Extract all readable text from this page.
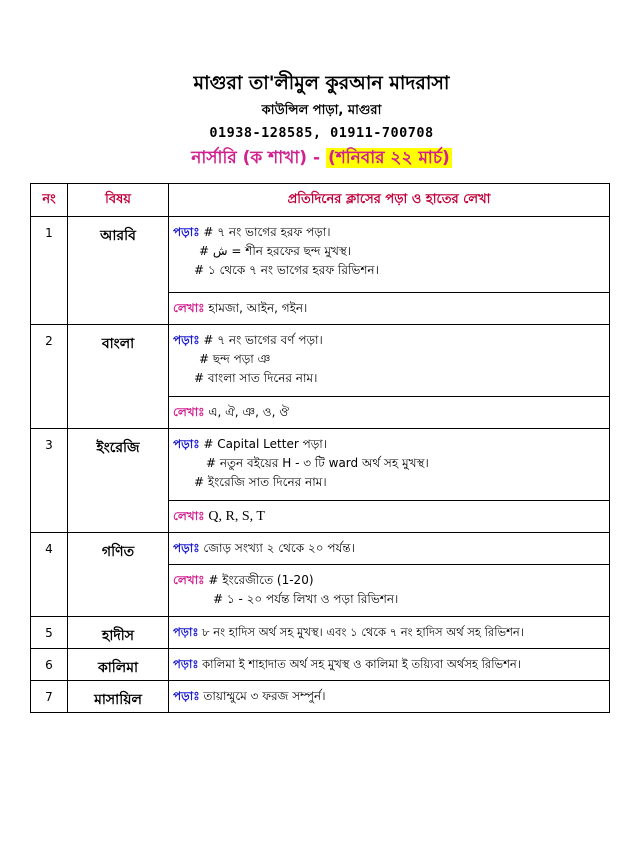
মাগুরা তা'লীমুল কুরআন মাদরাসা
কাউন্সিল পাড়া, মাগুরা
01938-128585, 01911-700708
নার্সারি (ক শাখা) - (শনিবার ২২ মার্চ)
নং	বিষয়	প্রতিদিনের ক্লাসের পড়া ও হাতের লেখা
1	আরবি	পড়াঃ # ৭ নং ভাগের হরফ পড়া।
# ش = শীন হরফের ছন্দ মুখস্থ।
# ১ থেকে ৭ নং ভাগের হরফ রিভিশন।

		লেখাঃ হামজা, আইন, গইন।
2	বাংলা	পড়াঃ # ৭ নং ভাগের বর্ণ পড়া।
# ছন্দ পড়া ঞ
# বাংলা সাত দিনের নাম।

		লেখাঃ এ, ঐ, ঞ, ও, ঔ
3	ইংরেজি	পড়াঃ # Capital Letter পড়া।
# নতুন বইয়ের H - ৩ টি ward অর্থ সহ মুখস্থ।
# ইংরেজি সাত দিনের নাম।

		লেখাঃ Q, R, S, T
4	গণিত	পড়াঃ জোড় সংখ্যা ২ থেকে ২০ পর্যন্ত।

		লেখাঃ # ইংরেজীতে (1-20)
# ১ - ২০ পর্যন্ত লিখা ও পড়া রিভিশন।

5	হাদীস	পড়াঃ ৮ নং হাদিস অর্থ সহ মুখস্থ। এবং ১ থেকে ৭ নং হাদিস অর্থ সহ রিভিশন।
6	কালিমা	পড়াঃ কালিমা ই শাহাদাত অর্থ সহ মুখস্থ ও কালিমা ই তয়্যিবা অর্থসহ রিভিশন।
7	মাসায়িল	পড়াঃ তায়াম্মুমে ৩ ফরজ সম্পুর্ন।
